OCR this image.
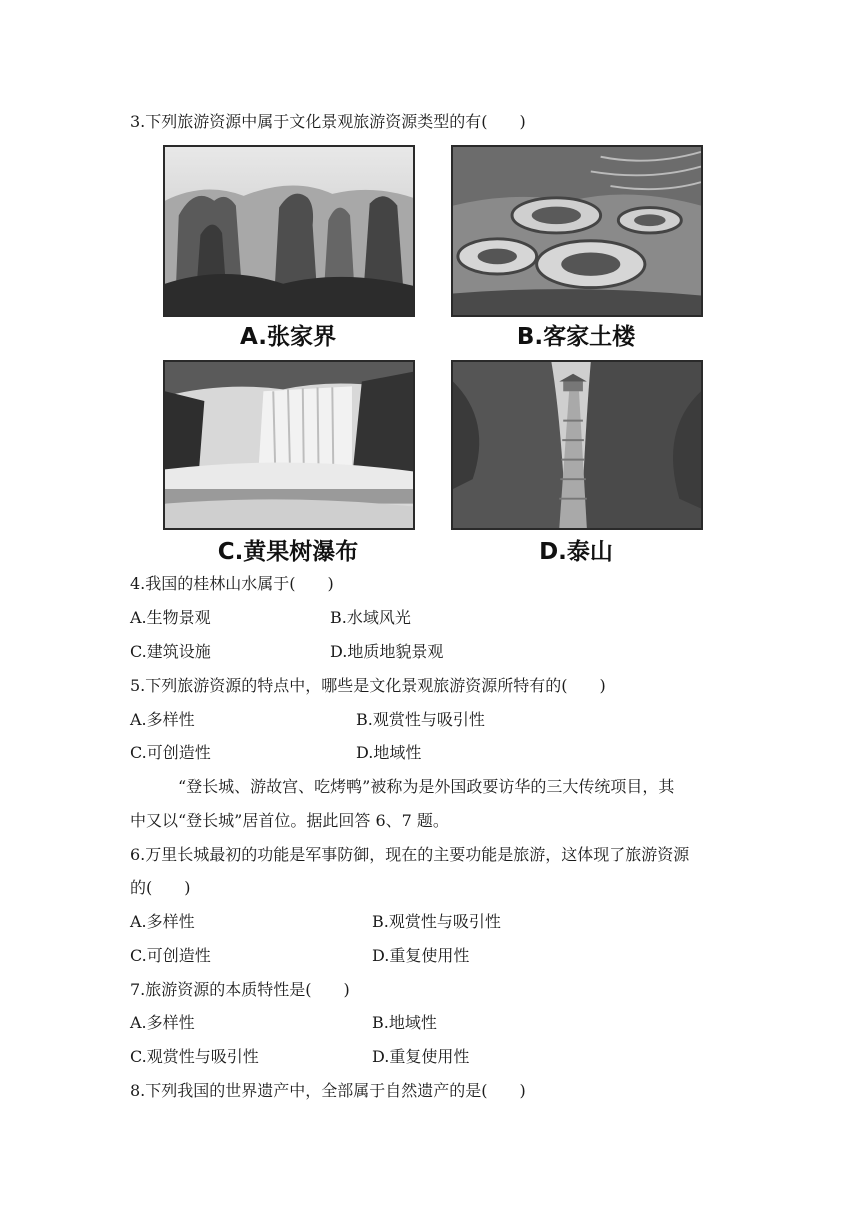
3.下列旅游资源中属于文化景观旅游资源类型的有(　　)
A.张家界	B.客家土楼
C.黄果树瀑布	D.泰山
4.我国的桂林山水属于(　　)
A.生物景观	B.水域风光
C.建筑设施	D.地质地貌景观
5.下列旅游资源的特点中，哪些是文化景观旅游资源所特有的(　　)
A.多样性	B.观赏性与吸引性
C.可创造性	D.地域性
“登长城、游故宫、吃烤鸭”被称为是外国政要访华的三大传统项目，其
中又以“登长城”居首位。据此回答 6、7 题。
6.万里长城最初的功能是军事防御，现在的主要功能是旅游，这体现了旅游资源
的(　　)
A.多样性	B.观赏性与吸引性
C.可创造性	D.重复使用性
7.旅游资源的本质特性是(　　)
A.多样性	B.地域性
C.观赏性与吸引性	D.重复使用性
8.下列我国的世界遗产中，全部属于自然遗产的是(　　)
